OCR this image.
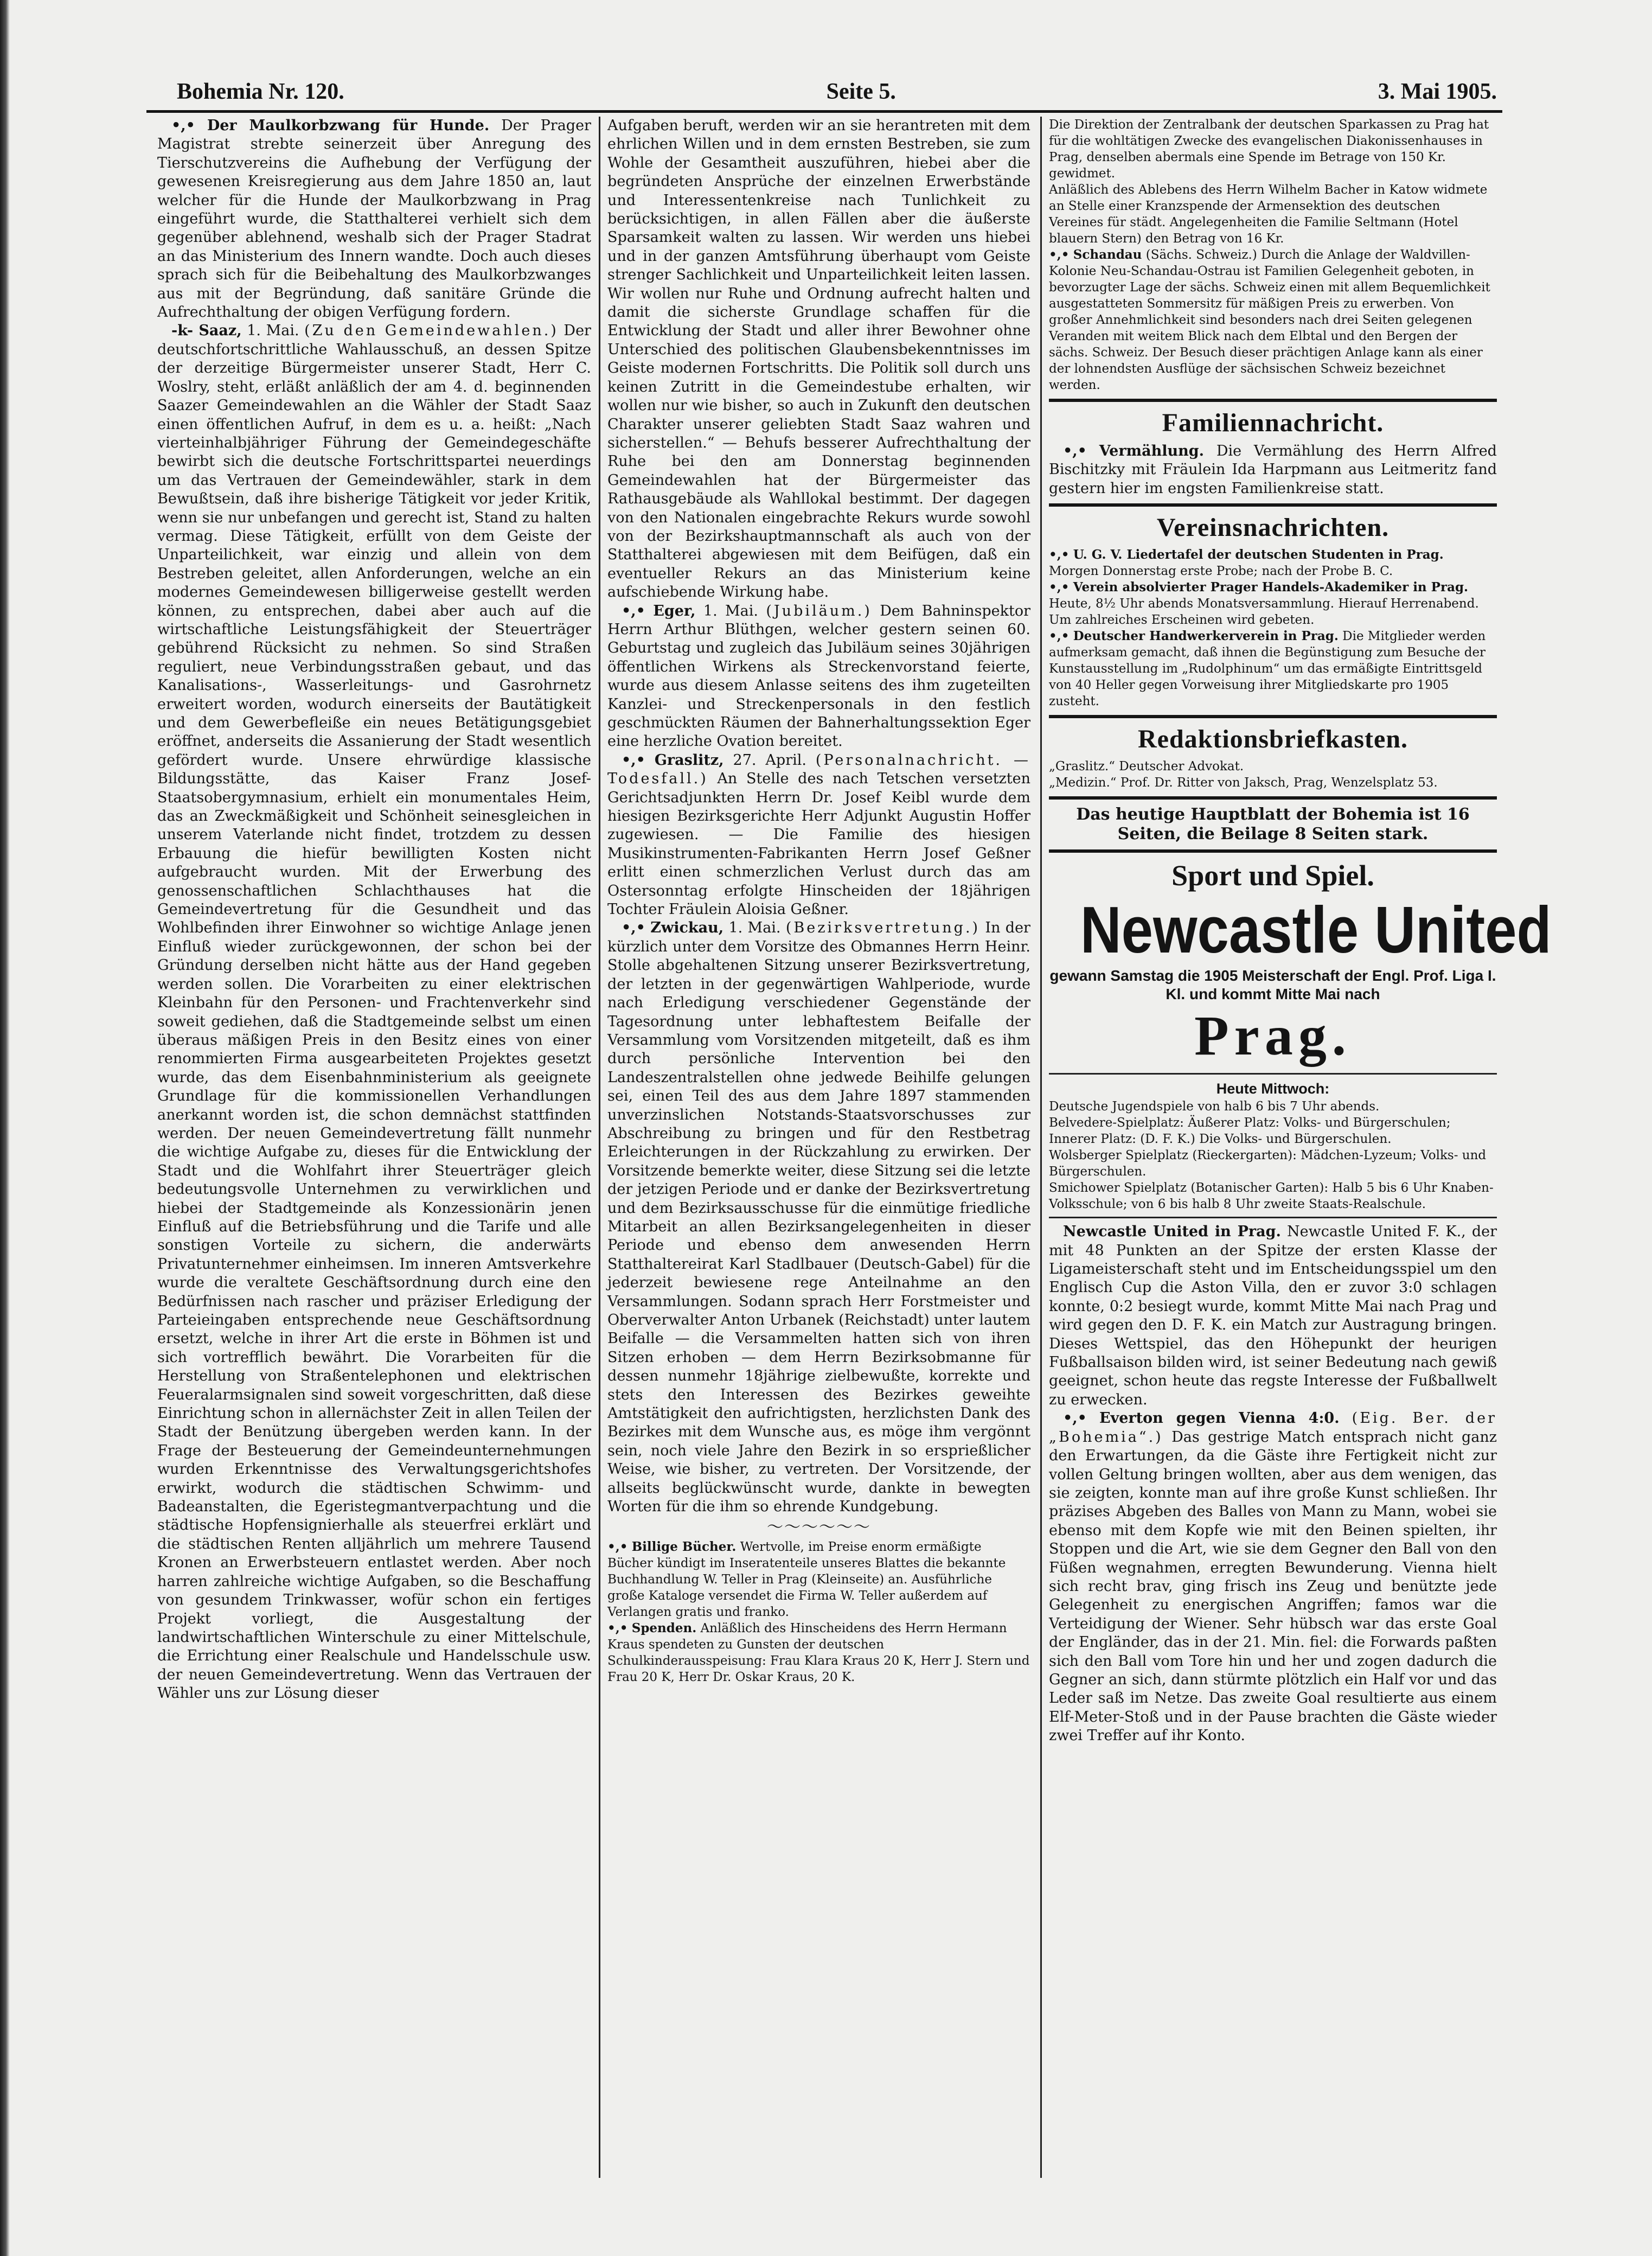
Bohemia Nr. 120.	Seite 5.	3. Mai 1905.

•,• Der Maulkorbzwang für Hunde. Der Prager Magistrat strebte seinerzeit über Anregung des Tierschutzvereins die Aufhebung der Verfügung der gewesenen Kreisregierung aus dem Jahre 1850 an, laut welcher für die Hunde der Maulkorbzwang in Prag eingeführt wurde, die Statthalterei verhielt sich dem gegenüber ablehnend, weshalb sich der Prager Stadrat an das Ministerium des Innern wandte. Doch auch dieses sprach sich für die Beibehaltung des Maulkorbzwanges aus mit der Begründung, daß sanitäre Gründe die Aufrechthaltung der obigen Verfügung fordern.

-k- Saaz, 1. Mai. (Zu den Gemeindewahlen.) Der deutschfortschrittliche Wahlausschuß, an dessen Spitze der derzeitige Bürgermeister unserer Stadt, Herr C. Woslry, steht, erläßt anläßlich der am 4. d. beginnenden Saazer Gemeindewahlen an die Wähler der Stadt Saaz einen öffentlichen Aufruf, in dem es u. a. heißt: „Nach vierteinhalbjähriger Führung der Gemeindegeschäfte bewirbt sich die deutsche Fortschrittspartei neuerdings um das Vertrauen der Gemeindewähler, stark in dem Bewußtsein, daß ihre bisherige Tätigkeit vor jeder Kritik, wenn sie nur unbefangen und gerecht ist, Stand zu halten vermag. Diese Tätigkeit, erfüllt von dem Geiste der Unparteilichkeit, war einzig und allein von dem Bestreben geleitet, allen Anforderungen, welche an ein modernes Gemeindewesen billigerweise gestellt werden können, zu entsprechen, dabei aber auch auf die wirtschaftliche Leistungsfähigkeit der Steuerträger gebührend Rücksicht zu nehmen. So sind Straßen reguliert, neue Verbindungsstraßen gebaut, und das Kanalisations-, Wasserleitungs- und Gasrohrnetz erweitert worden, wodurch einerseits der Bautätigkeit und dem Gewerbefleiße ein neues Betätigungsgebiet eröffnet, anderseits die Assanierung der Stadt wesentlich gefördert wurde. Unsere ehrwürdige klassische Bildungsstätte, das Kaiser Franz Josef-Staatsobergymnasium, erhielt ein monumentales Heim, das an Zweckmäßigkeit und Schönheit seinesgleichen in unserem Vaterlande nicht findet, trotzdem zu dessen Erbauung die hiefür bewilligten Kosten nicht aufgebraucht wurden. Mit der Erwerbung des genossenschaftlichen Schlachthauses hat die Gemeindevertretung für die Gesundheit und das Wohlbefinden ihrer Einwohner so wichtige Anlage jenen Einfluß wieder zurückgewonnen, der schon bei der Gründung derselben nicht hätte aus der Hand gegeben werden sollen. Die Vorarbeiten zu einer elektrischen Kleinbahn für den Personen- und Frachtenverkehr sind soweit gediehen, daß die Stadtgemeinde selbst um einen überaus mäßigen Preis in den Besitz eines von einer renommierten Firma ausgearbeiteten Projektes gesetzt wurde, das dem Eisenbahnministerium als geeignete Grundlage für die kommissionellen Verhandlungen anerkannt worden ist, die schon demnächst stattfinden werden. Der neuen Gemeindevertretung fällt nunmehr die wichtige Aufgabe zu, dieses für die Entwicklung der Stadt und die Wohlfahrt ihrer Steuerträger gleich bedeutungsvolle Unternehmen zu verwirklichen und hiebei der Stadtgemeinde als Konzessionärin jenen Einfluß auf die Betriebsführung und die Tarife und alle sonstigen Vorteile zu sichern, die anderwärts Privatunternehmer einheimsen. Im inneren Amtsverkehre wurde die veraltete Geschäftsordnung durch eine den Bedürfnissen nach rascher und präziser Erledigung der Parteieingaben entsprechende neue Geschäftsordnung ersetzt, welche in ihrer Art die erste in Böhmen ist und sich vortrefflich bewährt. Die Vorarbeiten für die Herstellung von Straßentelephonen und elektrischen Feueralarmsignalen sind soweit vorgeschritten, daß diese Einrichtung schon in allernächster Zeit in allen Teilen der Stadt der Benützung übergeben werden kann. In der Frage der Besteuerung der Gemeindeunternehmungen wurden Erkenntnisse des Verwaltungsgerichtshofes erwirkt, wodurch die städtischen Schwimm- und Badeanstalten, die Egeristegmantverpachtung und die städtische Hopfensignierhalle als steuerfrei erklärt und die städtischen Renten alljährlich um mehrere Tausend Kronen an Erwerbsteuern entlastet werden. Aber noch harren zahlreiche wichtige Aufgaben, so die Beschaffung von gesundem Trinkwasser, wofür schon ein fertiges Projekt vorliegt, die Ausgestaltung der landwirtschaftlichen Winterschule zu einer Mittelschule, die Errichtung einer Realschule und Handelsschule usw. der neuen Gemeindevertretung. Wenn das Vertrauen der Wähler uns zur Lösung dieser

Aufgaben beruft, werden wir an sie herantreten mit dem ehrlichen Willen und in dem ernsten Bestreben, sie zum Wohle der Gesamtheit auszuführen, hiebei aber die begründeten Ansprüche der einzelnen Erwerbstände und Interessentenkreise nach Tunlichkeit zu berücksichtigen, in allen Fällen aber die äußerste Sparsamkeit walten zu lassen. Wir werden uns hiebei und in der ganzen Amtsführung überhaupt vom Geiste strenger Sachlichkeit und Unparteilichkeit leiten lassen. Wir wollen nur Ruhe und Ordnung aufrecht halten und damit die sicherste Grundlage schaffen für die Entwicklung der Stadt und aller ihrer Bewohner ohne Unterschied des politischen Glaubensbekenntnisses im Geiste modernen Fortschritts. Die Politik soll durch uns keinen Zutritt in die Gemeindestube erhalten, wir wollen nur wie bisher, so auch in Zukunft den deutschen Charakter unserer geliebten Stadt Saaz wahren und sicherstellen.“ — Behufs besserer Aufrechthaltung der Ruhe bei den am Donnerstag beginnenden Gemeindewahlen hat der Bürgermeister das Rathausgebäude als Wahllokal bestimmt. Der dagegen von den Nationalen eingebrachte Rekurs wurde sowohl von der Bezirkshauptmannschaft als auch von der Statthalterei abgewiesen mit dem Beifügen, daß ein eventueller Rekurs an das Ministerium keine aufschiebende Wirkung habe.

•,• Eger, 1. Mai. (Jubiläum.) Dem Bahninspektor Herrn Arthur Blüthgen, welcher gestern seinen 60. Geburtstag und zugleich das Jubiläum seines 30jährigen öffentlichen Wirkens als Streckenvorstand feierte, wurde aus diesem Anlasse seitens des ihm zugeteilten Kanzlei- und Streckenpersonals in den festlich geschmückten Räumen der Bahnerhaltungssektion Eger eine herzliche Ovation bereitet.

•,• Graslitz, 27. April. (Personalnachricht. — Todesfall.) An Stelle des nach Tetschen versetzten Gerichtsadjunkten Herrn Dr. Josef Keibl wurde dem hiesigen Bezirksgerichte Herr Adjunkt Augustin Hoffer zugewiesen. — Die Familie des hiesigen Musikinstrumenten-Fabrikanten Herrn Josef Geßner erlitt einen schmerzlichen Verlust durch das am Ostersonntag erfolgte Hinscheiden der 18jährigen Tochter Fräulein Aloisia Geßner.

•,• Zwickau, 1. Mai. (Bezirksvertretung.) In der kürzlich unter dem Vorsitze des Obmannes Herrn Heinr. Stolle abgehaltenen Sitzung unserer Bezirksvertretung, der letzten in der gegenwärtigen Wahlperiode, wurde nach Erledigung verschiedener Gegenstände der Tagesordnung unter lebhaftestem Beifalle der Versammlung vom Vorsitzenden mitgeteilt, daß es ihm durch persönliche Intervention bei den Landeszentralstellen ohne jedwede Beihilfe gelungen sei, einen Teil des aus dem Jahre 1897 stammenden unverzinslichen Notstands-Staatsvorschusses zur Abschreibung zu bringen und für den Restbetrag Erleichterungen in der Rückzahlung zu erwirken. Der Vorsitzende bemerkte weiter, diese Sitzung sei die letzte der jetzigen Periode und er danke der Bezirksvertretung und dem Bezirksausschusse für die einmütige friedliche Mitarbeit an allen Bezirksangelegenheiten in dieser Periode und ebenso dem anwesenden Herrn Statthaltereirat Karl Stadlbauer (Deutsch-Gabel) für die jederzeit bewiesene rege Anteilnahme an den Versammlungen. Sodann sprach Herr Forstmeister und Oberverwalter Anton Urbanek (Reichstadt) unter lautem Beifalle — die Versammelten hatten sich von ihren Sitzen erhoben — dem Herrn Bezirksobmanne für dessen nunmehr 18jährige zielbewußte, korrekte und stets den Interessen des Bezirkes geweihte Amtstätigkeit den aufrichtigsten, herzlichsten Dank des Bezirkes mit dem Wunsche aus, es möge ihm vergönnt sein, noch viele Jahre den Bezirk in so ersprießlicher Weise, wie bisher, zu vertreten. Der Vorsitzende, der allseits beglückwünscht wurde, dankte in bewegten Worten für die ihm so ehrende Kundgebung.

～～～～～～

•,• Billige Bücher. Wertvolle, im Preise enorm ermäßigte Bücher kündigt im Inseratenteile unseres Blattes die bekannte Buchhandlung W. Teller in Prag (Kleinseite) an. Ausführliche große Kataloge versendet die Firma W. Teller außerdem auf Verlangen gratis und franko.

•,• Spenden. Anläßlich des Hinscheidens des Herrn Hermann Kraus spendeten zu Gunsten der deutschen Schulkinderausspeisung: Frau Klara Kraus 20 K, Herr J. Stern und Frau 20 K, Herr Dr. Oskar Kraus, 20 K.

Die Direktion der Zentralbank der deutschen Sparkassen zu Prag hat für die wohltätigen Zwecke des evangelischen Diakonissenhauses in Prag, denselben abermals eine Spende im Betrage von 150 Kr. gewidmet.

Anläßlich des Ablebens des Herrn Wilhelm Bacher in Katow widmete an Stelle einer Kranzspende der Armensektion des deutschen Vereines für städt. Angelegenheiten die Familie Seltmann (Hotel blauern Stern) den Betrag von 16 Kr.

•,• Schandau (Sächs. Schweiz.) Durch die Anlage der Waldvillen-Kolonie Neu-Schandau-Ostrau ist Familien Gelegenheit geboten, in bevorzugter Lage der sächs. Schweiz einen mit allem Bequemlichkeit ausgestatteten Sommersitz für mäßigen Preis zu erwerben. Von großer Annehmlichkeit sind besonders nach drei Seiten gelegenen Veranden mit weitem Blick nach dem Elbtal und den Bergen der sächs. Schweiz. Der Besuch dieser prächtigen Anlage kann als einer der lohnendsten Ausflüge der sächsischen Schweiz bezeichnet werden.

Familiennachricht.

•,• Vermählung. Die Vermählung des Herrn Alfred Bischitzky mit Fräulein Ida Harpmann aus Leitmeritz fand gestern hier im engsten Familienkreise statt.

Vereinsnachrichten.

•,• U. G. V. Liedertafel der deutschen Studenten in Prag. Morgen Donnerstag erste Probe; nach der Probe B. C.

•,• Verein absolvierter Prager Handels-Akademiker in Prag. Heute, 8½ Uhr abends Monatsversammlung. Hierauf Herrenabend. Um zahlreiches Erscheinen wird gebeten.

•,• Deutscher Handwerkerverein in Prag. Die Mitglieder werden aufmerksam gemacht, daß ihnen die Begünstigung zum Besuche der Kunstausstellung im „Rudolphinum“ um das ermäßigte Eintrittsgeld von 40 Heller gegen Vorweisung ihrer Mitgliedskarte pro 1905 zusteht.

Redaktionsbriefkasten.

„Graslitz.“ Deutscher Advokat.

„Medizin.“ Prof. Dr. Ritter von Jaksch, Prag, Wenzelsplatz 53.

Das heutige Hauptblatt der Bohemia ist 16 Seiten, die Beilage 8 Seiten stark.
Sport und Spiel.
Newcastle United
gewann Samstag die 1905 Meisterschaft der Engl. Prof. Liga I. Kl. und kommt Mitte Mai nach
Prag.
Heute Mittwoch:

Deutsche Jugendspiele von halb 6 bis 7 Uhr abends.

Belvedere-Spielplatz: Äußerer Platz: Volks- und Bürgerschulen; Innerer Platz: (D. F. K.) Die Volks- und Bürgerschulen.

Wolsberger Spielplatz (Rieckergarten): Mädchen-Lyzeum; Volks- und Bürgerschulen.

Smichower Spielplatz (Botanischer Garten): Halb 5 bis 6 Uhr Knaben-Volksschule; von 6 bis halb 8 Uhr zweite Staats-Realschule.

Newcastle United in Prag. Newcastle United F. K., der mit 48 Punkten an der Spitze der ersten Klasse der Ligameisterschaft steht und im Entscheidungsspiel um den Englisch Cup die Aston Villa, den er zuvor 3:0 schlagen konnte, 0:2 besiegt wurde, kommt Mitte Mai nach Prag und wird gegen den D. F. K. ein Match zur Austragung bringen. Dieses Wettspiel, das den Höhepunkt der heurigen Fußballsaison bilden wird, ist seiner Bedeutung nach gewiß geeignet, schon heute das regste Interesse der Fußballwelt zu erwecken.

•,• Everton gegen Vienna 4:0. (Eig. Ber. der „Bohemia“.) Das gestrige Match entsprach nicht ganz den Erwartungen, da die Gäste ihre Fertigkeit nicht zur vollen Geltung bringen wollten, aber aus dem wenigen, das sie zeigten, konnte man auf ihre große Kunst schließen. Ihr präzises Abgeben des Balles von Mann zu Mann, wobei sie ebenso mit dem Kopfe wie mit den Beinen spielten, ihr Stoppen und die Art, wie sie dem Gegner den Ball von den Füßen wegnahmen, erregten Bewunderung. Vienna hielt sich recht brav, ging frisch ins Zeug und benützte jede Gelegenheit zu energischen Angriffen; famos war die Verteidigung der Wiener. Sehr hübsch war das erste Goal der Engländer, das in der 21. Min. fiel: die Forwards paßten sich den Ball vom Tore hin und her und zogen dadurch die Gegner an sich, dann stürmte plötzlich ein Half vor und das Leder saß im Netze. Das zweite Goal resultierte aus einem Elf-Meter-Stoß und in der Pause brachten die Gäste wieder zwei Treffer auf ihr Konto.
